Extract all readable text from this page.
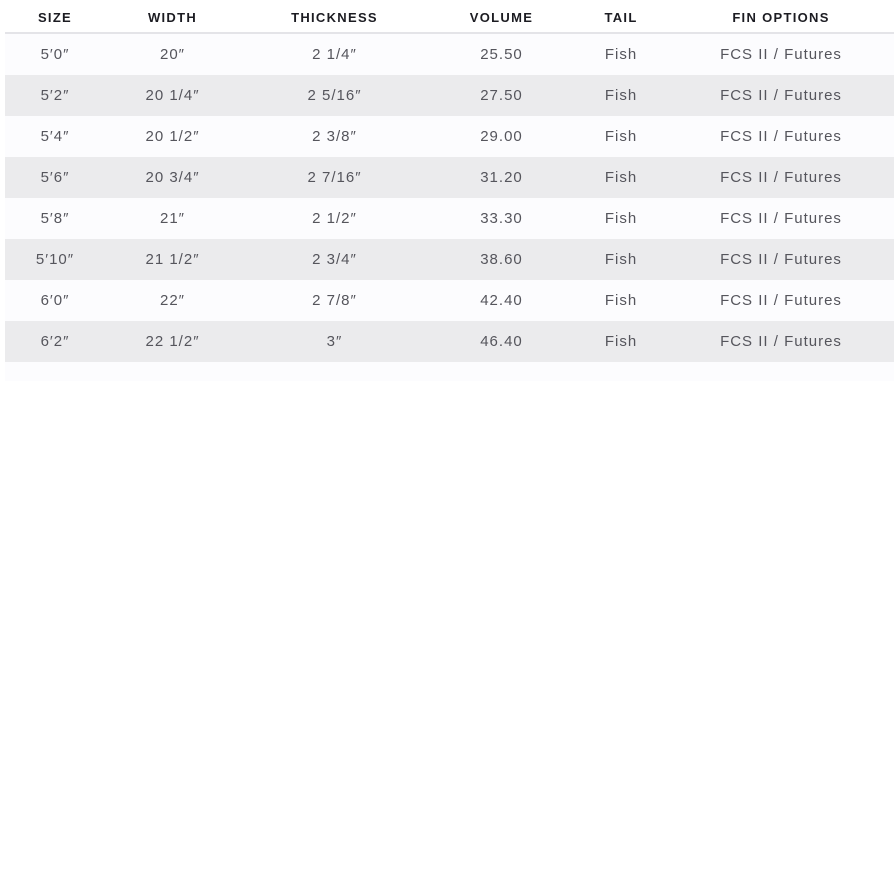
SIZE	WIDTH	THICKNESS	VOLUME	TAIL	FIN OPTIONS
5′0″	20″	2 1/4″	25.50	Fish	FCS II / Futures
5′2″	20 1/4″	2 5/16″	27.50	Fish	FCS II / Futures
5′4″	20 1/2″	2 3/8″	29.00	Fish	FCS II / Futures
5′6″	20 3/4″	2 7/16″	31.20	Fish	FCS II / Futures
5′8″	21″	2 1/2″	33.30	Fish	FCS II / Futures
5′10″	21 1/2″	2 3/4″	38.60	Fish	FCS II / Futures
6′0″	22″	2 7/8″	42.40	Fish	FCS II / Futures
6′2″	22 1/2″	3″	46.40	Fish	FCS II / Futures
